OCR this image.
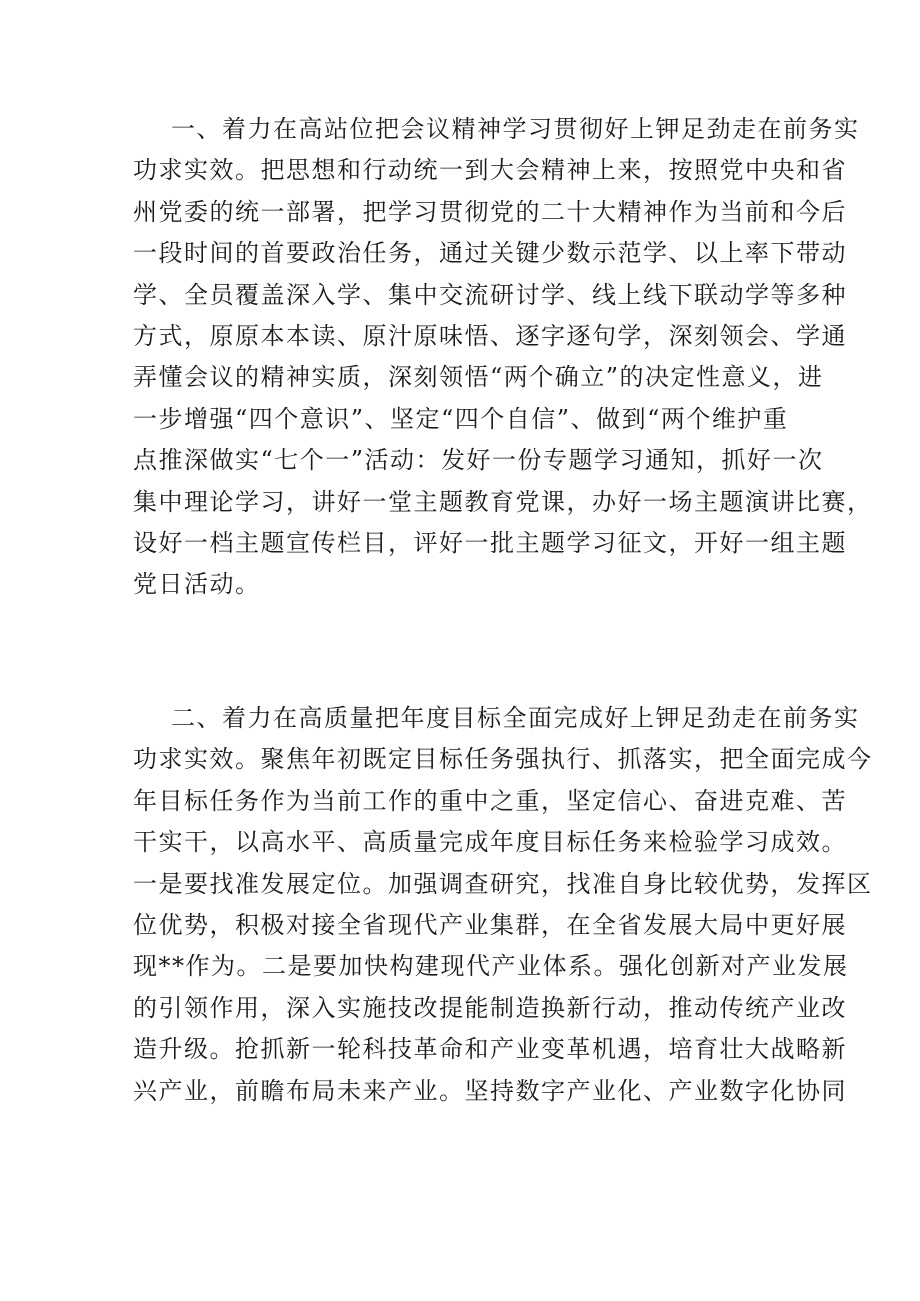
一、着力在高站位把会议精神学习贯彻好上钾足劲走在前务实
功求实效。把思想和行动统一到大会精神上来，按照党中央和省
州党委的统一部署，把学习贯彻党的二十大精神作为当前和今后
一段时间的首要政治任务，通过关键少数示范学、以上率下带动
学、全员覆盖深入学、集中交流研讨学、线上线下联动学等多种
方式，原原本本读、原汁原味悟、逐字逐句学，深刻领会、学通
弄懂会议的精神实质，深刻领悟“两个确立”的决定性意义，进
一步增强“四个意识”、坚定“四个自信”、做到“两个维护重
点推深做实“七个一”活动：发好一份专题学习通知，抓好一次
集中理论学习，讲好一堂主题教育党课，办好一场主题演讲比赛，
设好一档主题宣传栏目，评好一批主题学习征文，开好一组主题
党日活动。
二、着力在高质量把年度目标全面完成好上钾足劲走在前务实
功求实效。聚焦年初既定目标任务强执行、抓落实，把全面完成今
年目标任务作为当前工作的重中之重，坚定信心、奋进克难、苦
干实干，以高水平、高质量完成年度目标任务来检验学习成效。
一是要找准发展定位。加强调查研究，找准自身比较优势，发挥区
位优势，积极对接全省现代产业集群，在全省发展大局中更好展
现**作为。二是要加快构建现代产业体系。强化创新对产业发展
的引领作用，深入实施技改提能制造换新行动，推动传统产业改
造升级。抢抓新一轮科技革命和产业变革机遇，培育壮大战略新
兴产业，前瞻布局未来产业。坚持数字产业化、产业数字化协同
